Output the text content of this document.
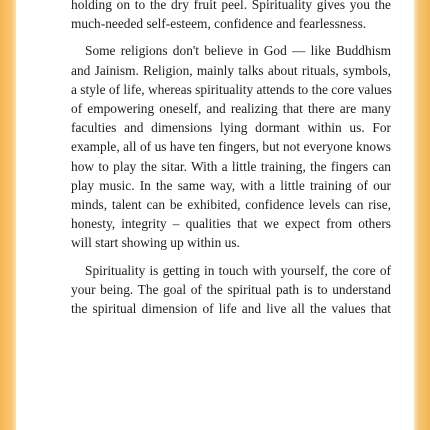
holding on to the dry fruit peel. Spirituality gives you the
much-needed self-esteem, confidence and fearlessness.

Some religions don't believe in God — like Buddhism
and Jainism. Religion, mainly talks about rituals, symbols,
a style of life, whereas spirituality attends to the core values
of empowering oneself, and realizing that there are many
faculties and dimensions lying dormant within us. For
example, all of us have ten fingers, but not everyone knows
how to play the sitar. With a little training, the fingers can
play music. In the same way, with a little training of our
minds, talent can be exhibited, confidence levels can rise,
honesty, integrity – qualities that we expect from others
will start showing up within us.

Spirituality is getting in touch with yourself, the core of
your being. The goal of the spiritual path is to understand
the spiritual dimension of life and live all the values that
